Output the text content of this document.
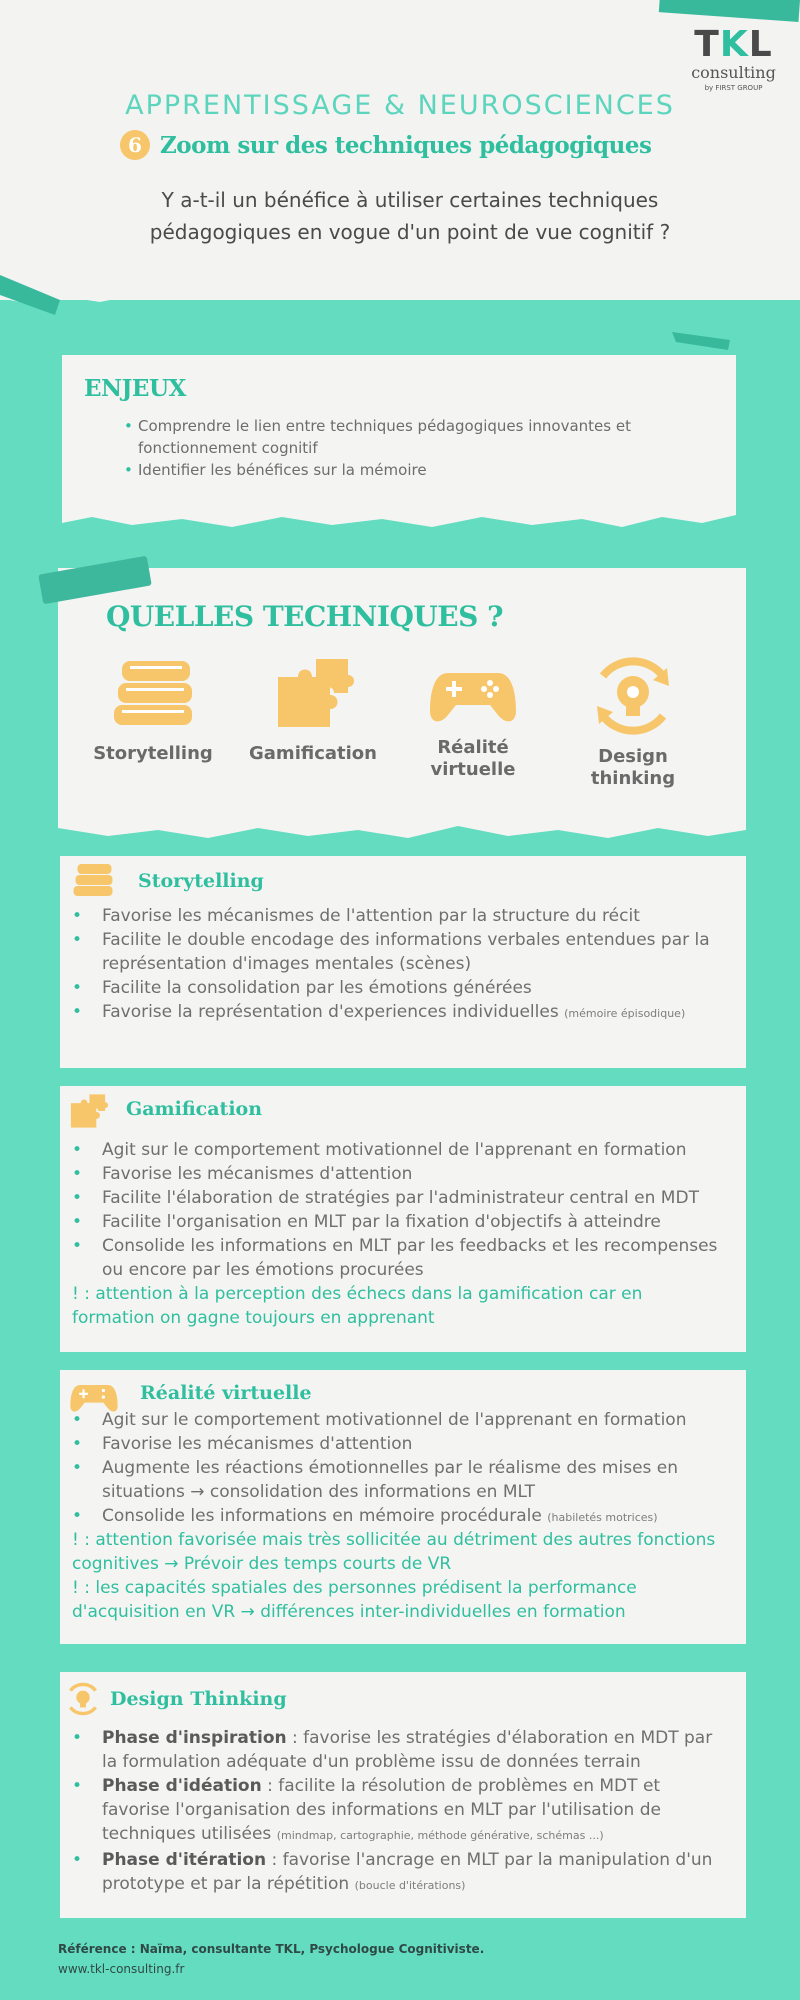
TKL
consulting
by FIRST GROUP
APPRENTISSAGE & NEUROSCIENCES
6 Zoom sur des techniques pédagogiques
Y a-t-il un bénéfice à utiliser certaines techniques pédagogiques en vogue d'un point de vue cognitif ?
ENJEUX
• Comprendre le lien entre techniques pédagogiques innovantes et fonctionnement cognitif
• Identifier les bénéfices sur la mémoire
QUELLES TECHNIQUES ?
Storytelling	Gamification	Réalité virtuelle
Design thinking
Storytelling
• Favorise les mécanismes de l'attention par la structure du récit
• Facilite le double encodage des informations verbales entendues par la représentation d'images mentales (scènes)
• Facilite la consolidation par les émotions générées
• Favorise la représentation d'experiences individuelles (mémoire épisodique)
Gamification
• Agit sur le comportement motivationnel de l'apprenant en formation
• Favorise les mécanismes d'attention
• Facilite l'élaboration de stratégies par l'administrateur central en MDT
• Facilite l'organisation en MLT par la fixation d'objectifs à atteindre
• Consolide les informations en MLT par les feedbacks et les recompenses ou encore par les émotions procurées
! : attention à la perception des échecs dans la gamification car en formation on gagne toujours en apprenant
Réalité virtuelle
• Agit sur le comportement motivationnel de l'apprenant en formation
• Favorise les mécanismes d'attention
• Augmente les réactions émotionnelles par le réalisme des mises en situations → consolidation des informations en MLT
• Consolide les informations en mémoire procédurale (habiletés motrices)
! : attention favorisée mais très sollicitée au détriment des autres fonctions cognitives → Prévoir des temps courts de VR
! : les capacités spatiales des personnes prédisent la performance d'acquisition en VR → différences inter-individuelles en formation
Design Thinking
• Phase d'inspiration : favorise les stratégies d'élaboration en MDT par la formulation adéquate d'un problème issu de données terrain
• Phase d'idéation : facilite la résolution de problèmes en MDT et favorise l'organisation des informations en MLT par l'utilisation de techniques utilisées (mindmap, cartographie, méthode générative, schémas ...)
• Phase d'itération : favorise l'ancrage en MLT par la manipulation d'un prototype et par la répétition (boucle d'itérations)
Référence : Naïma, consultante TKL, Psychologue Cognitiviste.
www.tkl-consulting.fr
